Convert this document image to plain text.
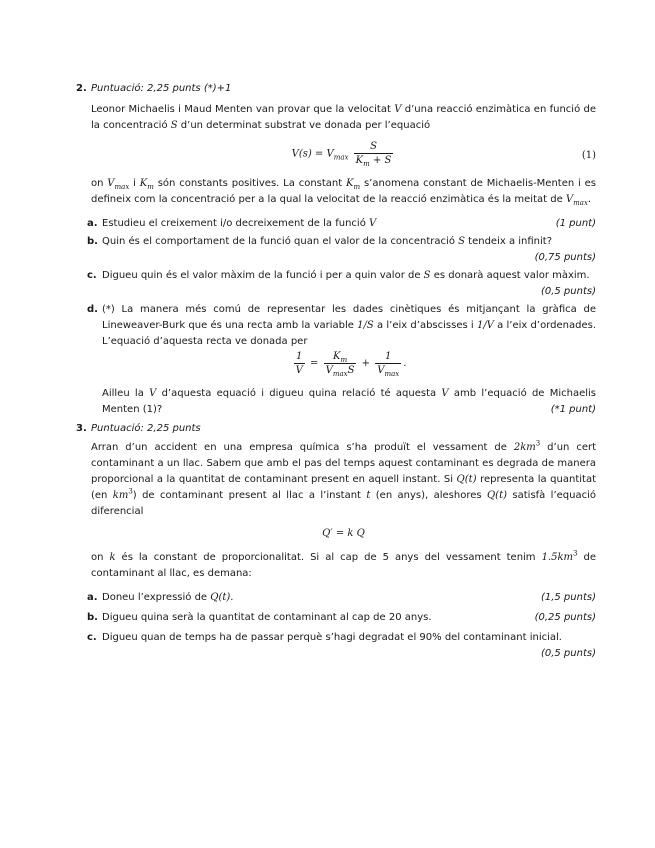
2. Puntuació: 2,25 punts (*)+1
Leonor Michaelis i Maud Menten van provar que la velocitat V d’una reacció enzimàtica en funció de la concentració S d’un determinat substrat ve donada per l’equació
$V(s) = V_{max} \frac{S}{K_m + S}$	(1)
on $V_{max}$ i $K_m$ són constants positives. La constant $K_m$ s’anomena constant de Michaelis-Menten i es defineix com la concentració per a la qual la velocitat de la reacció enzimàtica és la meitat de $V_{max}$.
a.	(1 punt)
Estudieu el creixement i/o decreixement de la funció V
b. Quin és el comportament de la funció quan el valor de la concentració S tendeix a infinit?
(0,75 punts)
c. Digueu quin és el valor màxim de la funció i per a quin valor de S es donarà aquest valor màxim.
(0,5 punts)
d. (*) La manera més comú de representar les dades cinètiques és mitjançant la gràfica de Lineweaver-Burk que és una recta amb la variable 1/S a l’eix d’abscisses i 1/V a l’eix d’ordenades. L’equació d’aquesta recta ve donada per
$\frac{1}{V} = \frac{K_m}{V_{max}S} + \frac{1}{V_{max}}$ .
Ailleu la V d’aquesta equació i digueu quina relació té aquesta V amb l’equació de Michaelis Menten (1)?	(*1 punt)
3. Puntuació: 2,25 punts
Arran d’un accident en una empresa química s’ha produït el vessament de $2km^3$ d’un cert contaminant a un llac. Sabem que amb el pas del temps aquest contaminant es degrada de manera proporcional a la quantitat de contaminant present en aquell instant. Si Q(t) representa la quantitat (en $km^3$) de contaminant present al llac a l’instant t (en anys), aleshores Q(t) satisfà l’equació diferencial
Q′ = k Q
on k és la constant de proporcionalitat. Si al cap de 5 anys del vessament tenim $1.5km^3$ de contaminant al llac, es demana:
a.	(1,5 punts)
Doneu l’expressió de Q(t).
b.	(0,25 punts)
Digueu quina serà la quantitat de contaminant al cap de 20 anys.
c. Digueu quan de temps ha de passar perquè s’hagi degradat el 90% del contaminant inicial.
(0,5 punts)
